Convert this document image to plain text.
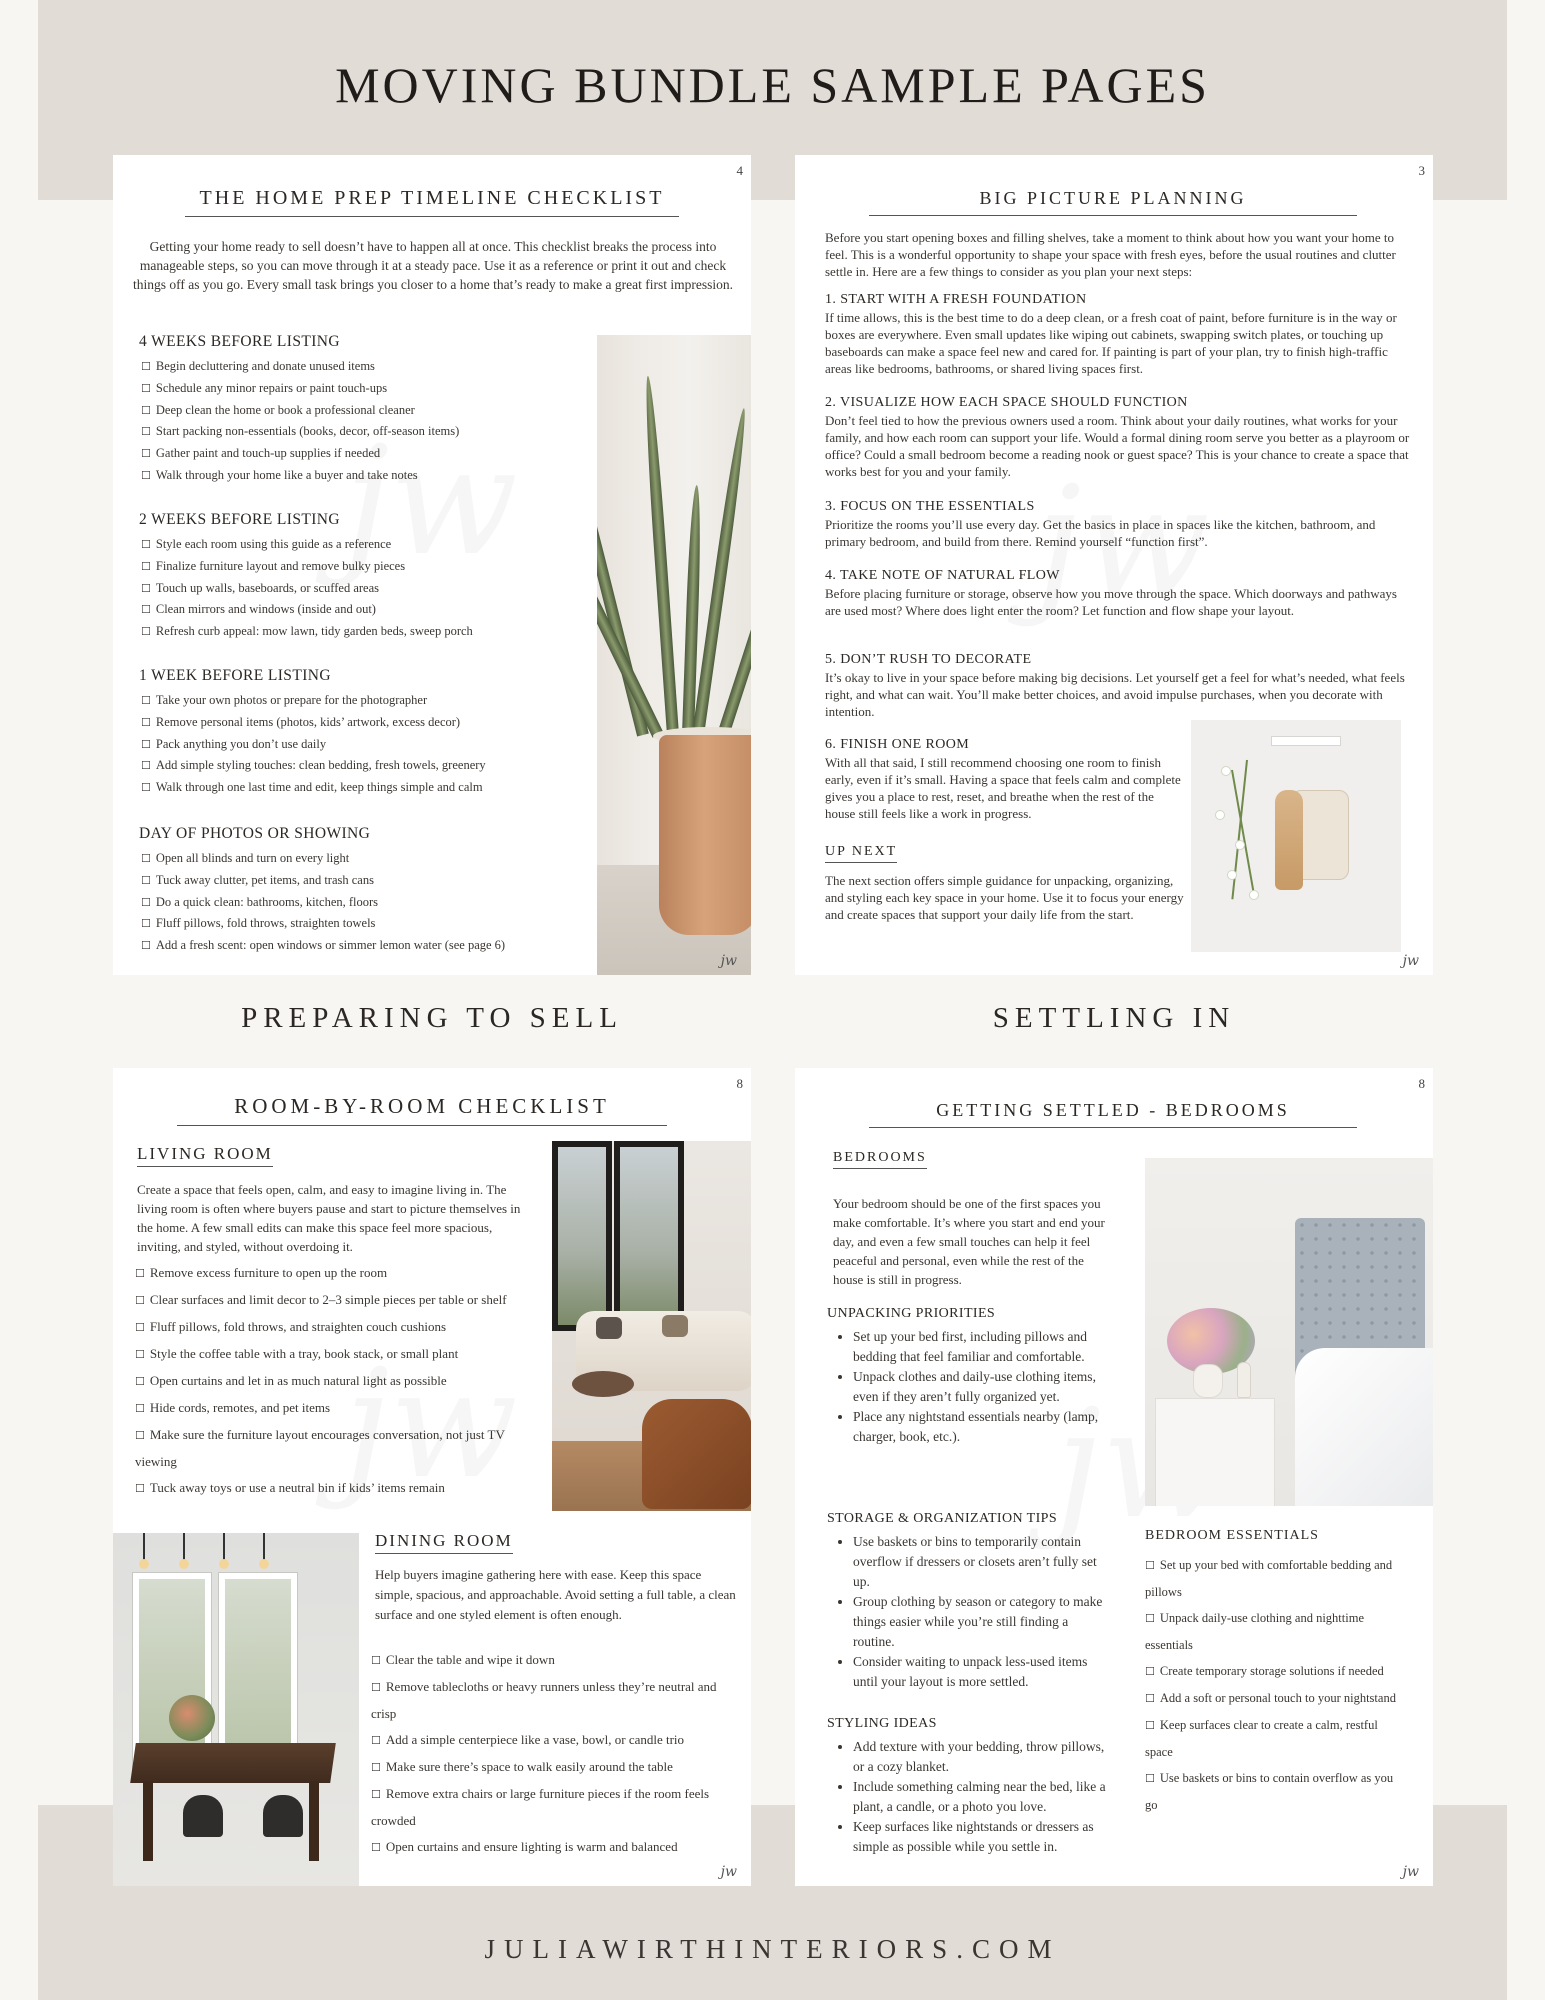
MOVING BUNDLE SAMPLE PAGES
4
THE HOME PREP TIMELINE CHECKLIST
Getting your home ready to sell doesn’t have to happen all at once. This checklist breaks the process into manageable steps, so you can move through it at a steady pace. Use it as a reference or print it out and check things off as you go. Every small task brings you closer to a home that’s ready to make a great first impression.
4 WEEKS BEFORE LISTING
☐ Begin decluttering and donate unused items
☐ Schedule any minor repairs or paint touch-ups
☐ Deep clean the home or book a professional cleaner
☐ Start packing non-essentials (books, decor, off-season items)
☐ Gather paint and touch-up supplies if needed
☐ Walk through your home like a buyer and take notes
2 WEEKS BEFORE LISTING
☐ Style each room using this guide as a reference
☐ Finalize furniture layout and remove bulky pieces
☐ Touch up walls, baseboards, or scuffed areas
☐ Clean mirrors and windows (inside and out)
☐ Refresh curb appeal: mow lawn, tidy garden beds, sweep porch
1 WEEK BEFORE LISTING
☐ Take your own photos or prepare for the photographer
☐ Remove personal items (photos, kids’ artwork, excess decor)
☐ Pack anything you don’t use daily
☐ Add simple styling touches: clean bedding, fresh towels, greenery
☐ Walk through one last time and edit, keep things simple and calm
DAY OF PHOTOS OR SHOWING
☐ Open all blinds and turn on every light
☐ Tuck away clutter, pet items, and trash cans
☐ Do a quick clean: bathrooms, kitchen, floors
☐ Fluff pillows, fold throws, straighten towels
☐ Add a fresh scent: open windows or simmer lemon water (see page 6)
jw
3
BIG PICTURE PLANNING
Before you start opening boxes and filling shelves, take a moment to think about how you want your home to feel. This is a wonderful opportunity to shape your space with fresh eyes, before the usual routines and clutter settle in. Here are a few things to consider as you plan your next steps:
1. START WITH A FRESH FOUNDATION
If time allows, this is the best time to do a deep clean, or a fresh coat of paint, before furniture is in the way or boxes are everywhere. Even small updates like wiping out cabinets, swapping switch plates, or touching up baseboards can make a space feel new and cared for. If painting is part of your plan, try to finish high-traffic areas like bedrooms, bathrooms, or shared living spaces first.
2. VISUALIZE HOW EACH SPACE SHOULD FUNCTION
Don’t feel tied to how the previous owners used a room. Think about your daily routines, what works for your family, and how each room can support your life. Would a formal dining room serve you better as a playroom or office? Could a small bedroom become a reading nook or guest space? This is your chance to create a space that works best for you and your family.
3. FOCUS ON THE ESSENTIALS
Prioritize the rooms you’ll use every day. Get the basics in place in spaces like the kitchen, bathroom, and primary bedroom, and build from there. Remind yourself “function first”.
4. TAKE NOTE OF NATURAL FLOW
Before placing furniture or storage, observe how you move through the space. Which doorways and pathways are used most? Where does light enter the room? Let function and flow shape your layout.
5. DON’T RUSH TO DECORATE
It’s okay to live in your space before making big decisions. Let yourself get a feel for what’s needed, what feels right, and what can wait. You’ll make better choices, and avoid impulse purchases, when you decorate with intention.
6. FINISH ONE ROOM
With all that said, I still recommend choosing one room to finish early, even if it’s small. Having a space that feels calm and complete gives you a place to rest, reset, and breathe when the rest of the house still feels like a work in progress.
UP NEXT
The next section offers simple guidance for unpacking, organizing, and styling each key space in your home. Use it to focus your energy and create spaces that support your daily life from the start.
jw
PREPARING TO SELL	SETTLING IN
8
ROOM-BY-ROOM CHECKLIST
LIVING ROOM
Create a space that feels open, calm, and easy to imagine living in. The living room is often where buyers pause and start to picture themselves in the home. A few small edits can make this space feel more spacious, inviting, and styled, without overdoing it.
☐ Remove excess furniture to open up the room
☐ Clear surfaces and limit decor to 2–3 simple pieces per table or shelf
☐ Fluff pillows, fold throws, and straighten couch cushions
☐ Style the coffee table with a tray, book stack, or small plant
☐ Open curtains and let in as much natural light as possible
☐ Hide cords, remotes, and pet items
☐ Make sure the furniture layout encourages conversation, not just TV viewing
☐ Tuck away toys or use a neutral bin if kids’ items remain
DINING ROOM
Help buyers imagine gathering here with ease. Keep this space simple, spacious, and approachable. Avoid setting a full table, a clean surface and one styled element is often enough.
☐ Clear the table and wipe it down
☐ Remove tablecloths or heavy runners unless they’re neutral and crisp
☐ Add a simple centerpiece like a vase, bowl, or candle trio
☐ Make sure there’s space to walk easily around the table
☐ Remove extra chairs or large furniture pieces if the room feels crowded
☐ Open curtains and ensure lighting is warm and balanced
jw
8
GETTING SETTLED - BEDROOMS
BEDROOMS
Your bedroom should be one of the first spaces you make comfortable. It’s where you start and end your day, and even a few small touches can help it feel peaceful and personal, even while the rest of the house is still in progress.
UNPACKING PRIORITIES
• Set up your bed first, including pillows and bedding that feel familiar and comfortable.
• Unpack clothes and daily-use clothing items, even if they aren’t fully organized yet.
• Place any nightstand essentials nearby (lamp, charger, book, etc.).
STORAGE & ORGANIZATION TIPS
• Use baskets or bins to temporarily contain overflow if dressers or closets aren’t fully set up.
• Group clothing by season or category to make things easier while you’re still finding a routine.
• Consider waiting to unpack less-used items until your layout is more settled.
STYLING IDEAS
• Add texture with your bedding, throw pillows, or a cozy blanket.
• Include something calming near the bed, like a plant, a candle, or a photo you love.
• Keep surfaces like nightstands or dressers as simple as possible while you settle in.
BEDROOM ESSENTIALS
☐ Set up your bed with comfortable bedding and pillows
☐ Unpack daily-use clothing and nighttime essentials
☐ Create temporary storage solutions if needed
☐ Add a soft or personal touch to your nightstand
☐ Keep surfaces clear to create a calm, restful space
☐ Use baskets or bins to contain overflow as you go
jw
JULIAWIRTHINTERIORS.COM
